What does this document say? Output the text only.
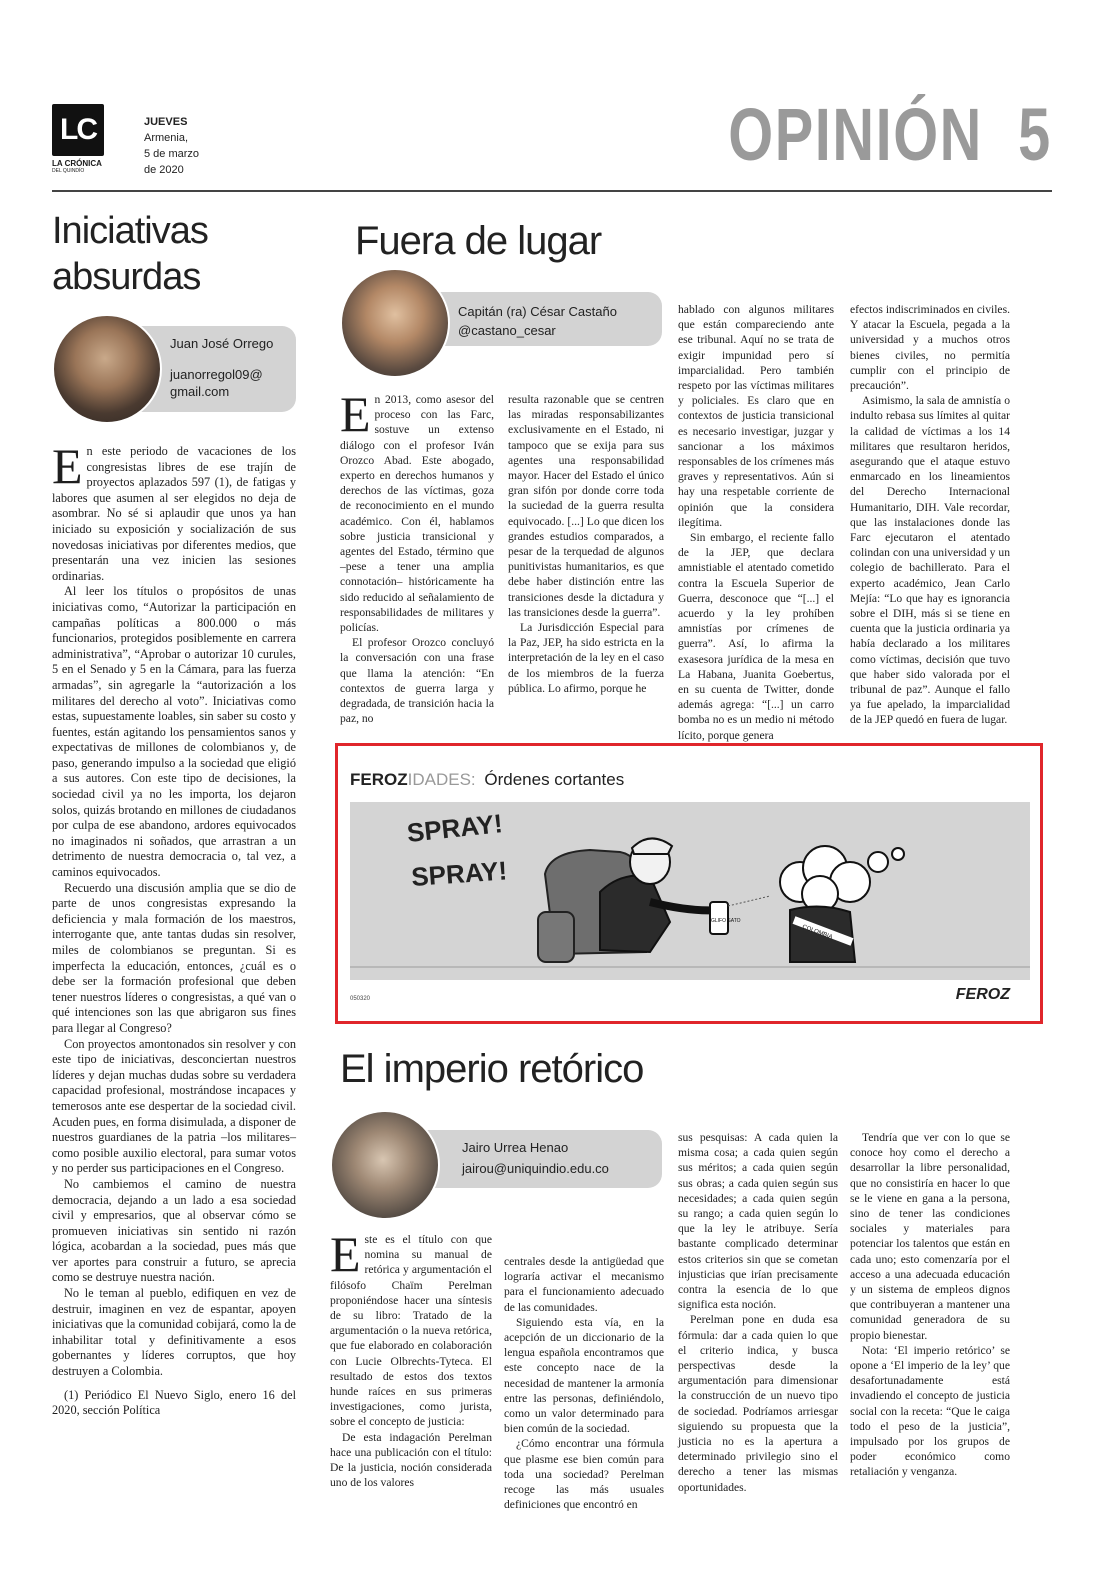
LC
LA CRÓNICA
DEL QUINDÍO
JUEVES
Armenia,
5 de marzo
de 2020	OPINIÓN  5
Iniciativas
absurdas
Juan José Orrego
juanorregol09@
gmail.com

En este periodo de vacaciones de los congresistas libres de ese trajín de proyectos aplazados 597 (1), de fatigas y labores que asumen al ser elegidos no deja de asombrar. No sé si aplaudir que unos ya han iniciado su exposición y socialización de sus novedosas iniciativas por diferentes medios, que presentarán una vez inicien las sesiones ordinarias.

Al leer los títulos o propósitos de unas iniciativas como, “Autorizar la participación en campañas políticas a 800.000 o más funcionarios, protegidos posiblemente en carrera administrativa”, “Aprobar o autorizar 10 curules, 5 en el Senado y 5 en la Cámara, para las fuerza armadas”, sin agregarle la “autorización a los militares del derecho al voto”. Iniciativas como estas, supuestamente loables, sin saber su costo y fuentes, están agitando los pensamientos sanos y expectativas de millones de colombianos y, de paso, generando impulso a la sociedad que eligió a sus autores. Con este tipo de decisiones, la sociedad civil ya no les importa, los dejaron solos, quizás brotando en millones de ciudadanos por culpa de ese abandono, ardores equivocados no imaginados ni soñados, que arrastran a un detrimento de nuestra democracia o, tal vez, a caminos equivocados.

Recuerdo una discusión amplia que se dio de parte de unos congresistas expresando la deficiencia y mala formación de los maestros, interrogante que, ante tantas dudas sin resolver, miles de colombianos se preguntan. Si es imperfecta la educación, entonces, ¿cuál es o debe ser la formación profesional que deben tener nuestros líderes o congresistas, a qué van o qué intenciones son las que abrigaron sus fines para llegar al Congreso?

Con proyectos amontonados sin resolver y con este tipo de iniciativas, desconciertan nuestros líderes y dejan muchas dudas sobre su verdadera capacidad profesional, mostrándose incapaces y temerosos ante ese despertar de la sociedad civil. Acuden pues, en forma disimulada, a disponer de nuestros guardianes de la patria –los militares– como posible auxilio electoral, para sumar votos y no perder sus participaciones en el Congreso.

No cambiemos el camino de nuestra democracia, dejando a un lado a esa sociedad civil y empresarios, que al observar cómo se promueven iniciativas sin sentido ni razón lógica, acobardan a la sociedad, pues más que ver aportes para construir a futuro, se aprecia como se destruye nuestra nación.

No le teman al pueblo, edifiquen en vez de destruir, imaginen en vez de espantar, apoyen iniciativas que la comunidad cobijará, como la de inhabilitar total y definitivamente a esos gobernantes y líderes corruptos, que hoy destruyen a Colombia.

(1) Periódico El Nuevo Siglo, enero 16 del 2020, sección Política

Fuera de lugar
Capitán (ra) César Castaño
@castano_cesar

En 2013, como asesor del proceso con las Farc, sostuve un extenso diálogo con el profesor Iván Orozco Abad. Este abogado, experto en derechos humanos y derechos de las víctimas, goza de reconocimiento en el mundo académico. Con él, hablamos sobre justicia transicional y agentes del Estado, término que –pese a tener una amplia connotación– históricamente ha sido reducido al señalamiento de responsabilidades de militares y policías.

El profesor Orozco concluyó la conversación con una frase que llama la atención: “En contextos de guerra larga y degradada, de transición hacia la paz, no

resulta razonable que se centren las miradas responsabilizantes exclusivamente en el Estado, ni tampoco que se exija para sus agentes una responsabilidad mayor. Hacer del Estado el único gran sifón por donde corre toda la suciedad de la guerra resulta equivocado. [...] Lo que dicen los grandes estudios comparados, a pesar de la terquedad de algunos punitivistas humanitarios, es que debe haber distinción entre las transiciones desde la dictadura y las transiciones desde la guerra”.

La Jurisdicción Especial para la Paz, JEP, ha sido estricta en la interpretación de la ley en el caso de los miembros de la fuerza pública. Lo afirmo, porque he

hablado con algunos militares que están compareciendo ante ese tribunal. Aquí no se trata de exigir impunidad pero sí imparcialidad. Pero también respeto por las víctimas militares y policiales. Es claro que en contextos de justicia transicional es necesario investigar, juzgar y sancionar a los máximos responsables de los crímenes más graves y representativos. Aún si hay una respetable corriente de opinión que la considera ilegítima.

Sin embargo, el reciente fallo de la JEP, que declara amnistiable el atentado cometido contra la Escuela Superior de Guerra, desconoce que “[...] el acuerdo y la ley prohíben amnistías por crímenes de guerra”. Así, lo afirma la exasesora jurídica de la mesa en La Habana, Juanita Goebertus, en su cuenta de Twitter, donde además agrega: “[...] un carro bomba no es un medio ni método lícito, porque genera

efectos indiscriminados en civiles. Y atacar la Escuela, pegada a la universidad y a muchos otros bienes civiles, no permitía cumplir con el principio de precaución”.

Asimismo, la sala de amnistía o indulto rebasa sus límites al quitar la calidad de víctimas a los 14 militares que resultaron heridos, asegurando que el ataque estuvo enmarcado en los lineamientos del Derecho Internacional Humanitario, DIH. Vale recordar, que las instalaciones donde las Farc ejecutaron el atentado colindan con una universidad y un colegio de bachillerato. Para el experto académico, Jean Carlo Mejía: “Lo que hay es ignorancia sobre el DIH, más si se tiene en cuenta que la justicia ordinaria ya había declarado a los militares como víctimas, decisión que tuvo que haber sido valorada por el tribunal de paz”. Aunque el fallo ya fue apelado, la imparcialidad de la JEP quedó en fuera de lugar.

FEROZIDADES: Órdenes cortantes
SPRAY!
SPRAY!
GLIFO SATO
COLOMBIA
FEROZ
050320
El imperio retórico
Jairo Urrea Henao
jairou@uniquindio.edu.co

Este es el título con que nomina su manual de retórica y argumentación el filósofo Chaïm Perelman proponiéndose hacer una síntesis de su libro: Tratado de la argumentación o la nueva retórica, que fue elaborado en colaboración con Lucie Olbrechts-Tyteca. El resultado de estos dos textos hunde raíces en sus primeras investigaciones, como jurista, sobre el concepto de justicia:

De esta indagación Perelman hace una publicación con el título: De la justicia, noción considerada uno de los valores

centrales desde la antigüedad que lograría activar el mecanismo para el funcionamiento adecuado de las comunidades.

Siguiendo esta vía, en la acepción de un diccionario de la lengua española encontramos que este concepto nace de la necesidad de mantener la armonía entre las personas, definiéndolo, como un valor determinado para bien común de la sociedad.

¿Cómo encontrar una fórmula que plasme ese bien común para toda una sociedad? Perelman recoge las más usuales definiciones que encontró en

sus pesquisas: A cada quien la misma cosa; a cada quien según sus méritos; a cada quien según sus obras; a cada quien según sus necesidades; a cada quien según su rango; a cada quien según lo que la ley le atribuye. Sería bastante complicado determinar estos criterios sin que se cometan injusticias que irían precisamente contra la esencia de lo que significa esta noción.

Perelman pone en duda esa fórmula: dar a cada quien lo que el criterio indica, y busca perspectivas desde la argumentación para dimensionar la construcción de un nuevo tipo de sociedad. Podríamos arriesgar siguiendo su propuesta que la justicia no es la apertura a determinado privilegio sino el derecho a tener las mismas oportunidades.

Tendría que ver con lo que se conoce hoy como el derecho a desarrollar la libre personalidad, que no consistiría en hacer lo que se le viene en gana a la persona, sino de tener las condiciones sociales y materiales para potenciar los talentos que están en cada uno; esto comenzaría por el acceso a una adecuada educación y un sistema de empleos dignos que contribuyeran a mantener una comunidad generadora de su propio bienestar.

Nota: ‘El imperio retórico’ se opone a ‘El imperio de la ley’ que desafortunadamente está invadiendo el concepto de justicia social con la receta: “Que le caiga todo el peso de la justicia”, impulsado por los grupos de poder económico como retaliación y venganza.
